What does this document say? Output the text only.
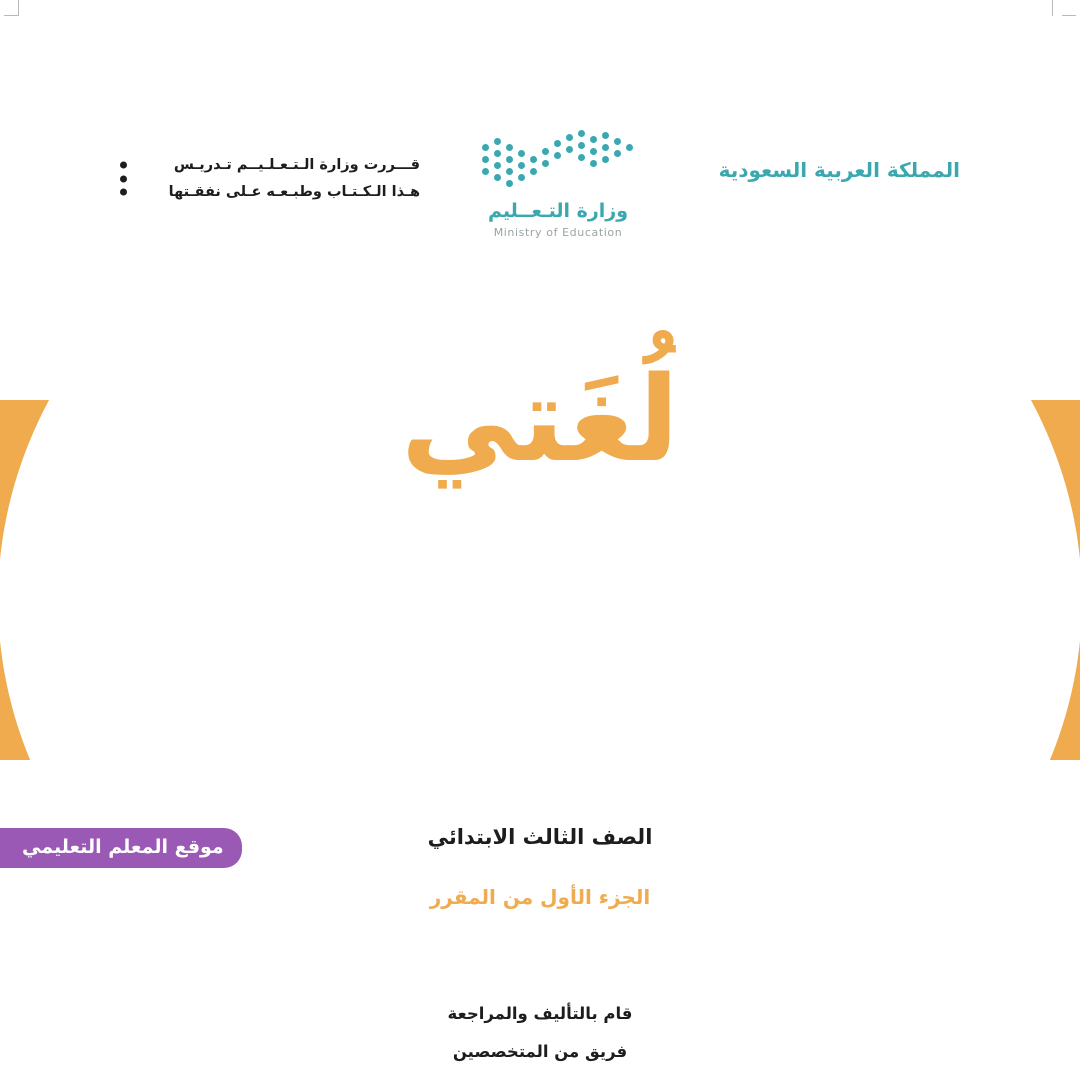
المملكة العربية السعودية
وزارة التـعــليم
Ministry of Education
قـــررت وزارة الـتـعـلـيــم تـدريـس
هـذا الـكـتـاب وطبـعـه عـلى نفقـتها
لُغَتي
الصف الثالث الابتدائي
الجزء الأول من المقرر
قام بالتأليف والمراجعة
فريق من المتخصصين
موقع المعلم التعليمي
